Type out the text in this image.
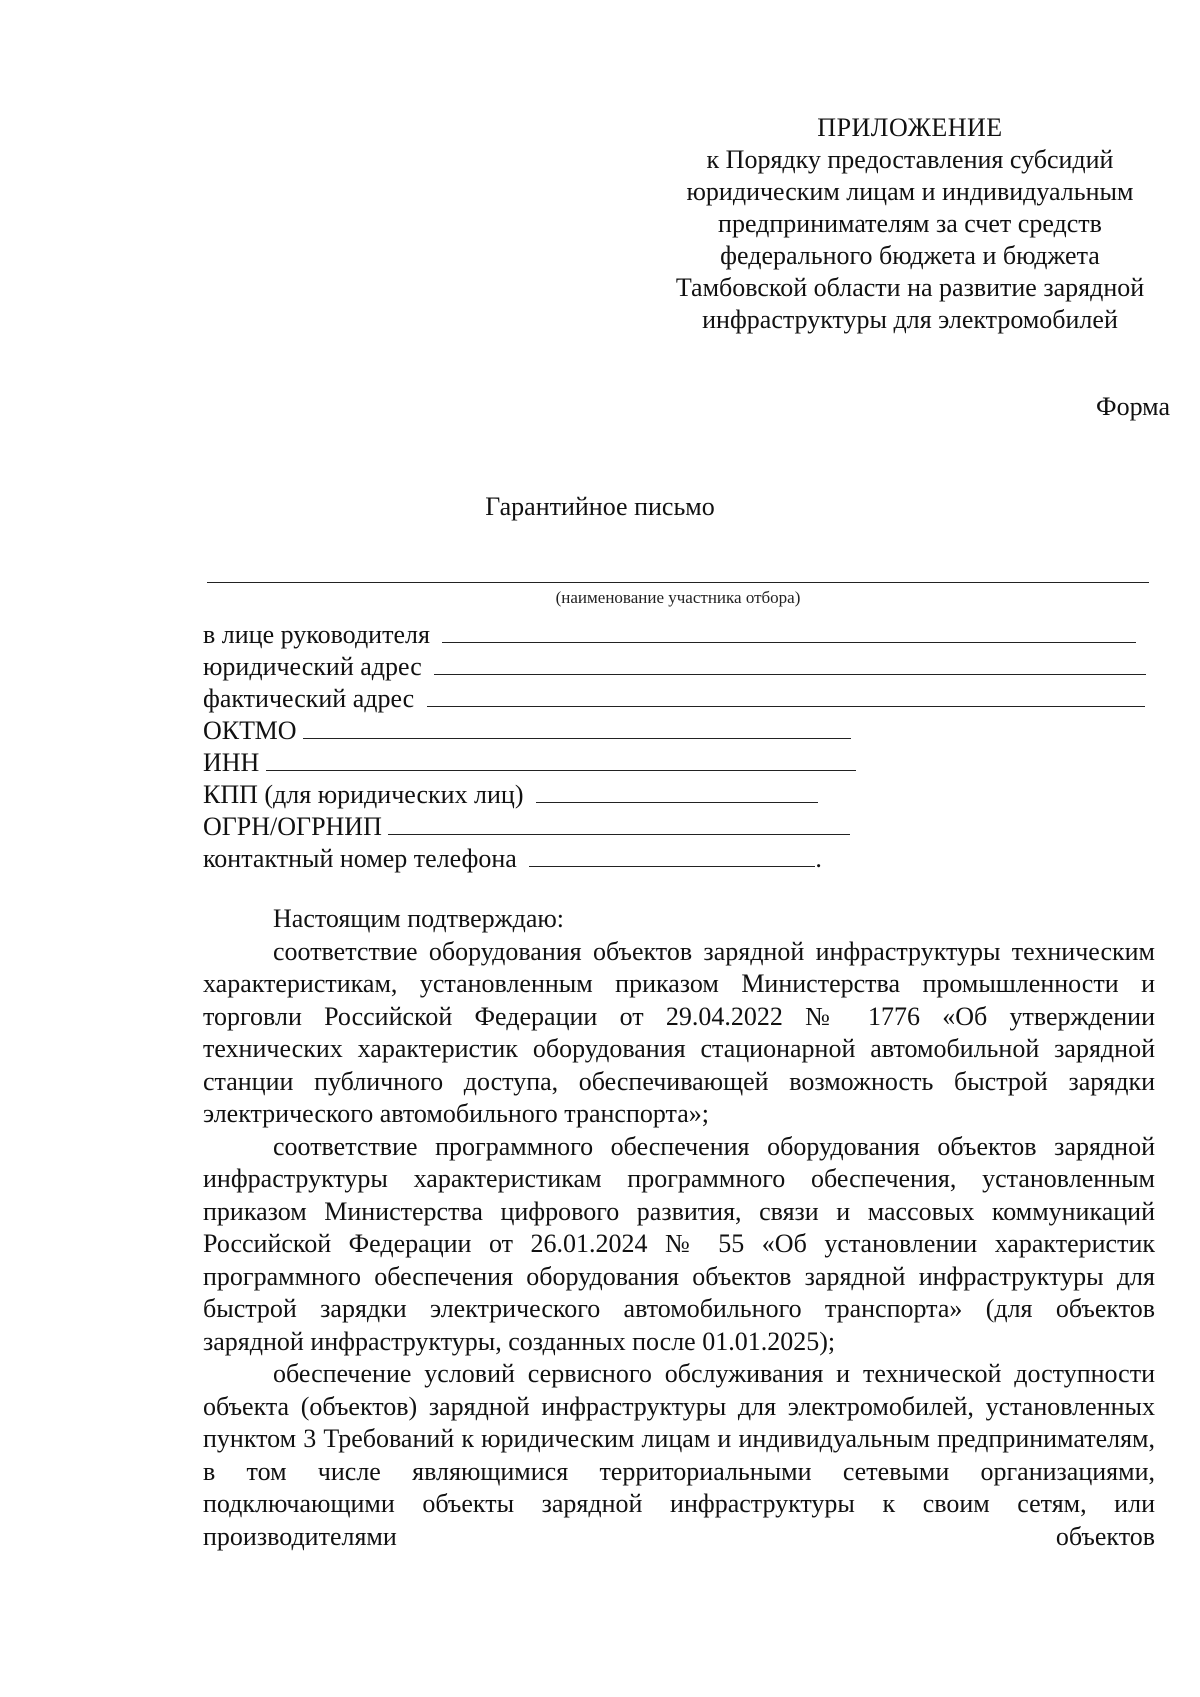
ПРИЛОЖЕНИЕ
к Порядку предоставления субсидий
юридическим лицам и индивидуальным
предпринимателям за счет средств
федерального бюджета и бюджета
Тамбовской области на развитие зарядной
инфраструктуры для электромобилей
Форма
Гарантийное письмо
(наименование участника отбора)
в лице руководителя
юридический адрес
фактический адрес
ОКТМО
ИНН
КПП (для юридических лиц)
ОГРН/ОГРНИП
контактный номер телефона	.

Настоящим подтверждаю:

соответствие оборудования объектов зарядной инфраструктуры техническим характеристикам, установленным приказом Министерства промышленности и торговли Российской Федерации от 29.04.2022 № 1776 «Об утверждении технических характеристик оборудования стационарной автомобильной зарядной станции публичного доступа, обеспечивающей возможность быстрой зарядки электрического автомобильного транспорта»;

соответствие программного обеспечения оборудования объектов зарядной инфраструктуры характеристикам программного обеспечения, установленным приказом Министерства цифрового развития, связи и массовых коммуникаций Российской Федерации от 26.01.2024 № 55 «Об установлении характеристик программного обеспечения оборудования объектов зарядной инфраструктуры для быстрой зарядки электрического автомобильного транспорта» (для объектов зарядной инфраструктуры, созданных после 01.01.2025);

обеспечение условий сервисного обслуживания и технической доступности объекта (объектов) зарядной инфраструктуры для электромобилей, установленных пунктом 3 Требований к юридическим лицам и индивидуальным предпринимателям, в том числе являющимися территориальными сетевыми организациями, подключающими объекты зарядной инфраструктуры к своим сетям, или производителями объектов
